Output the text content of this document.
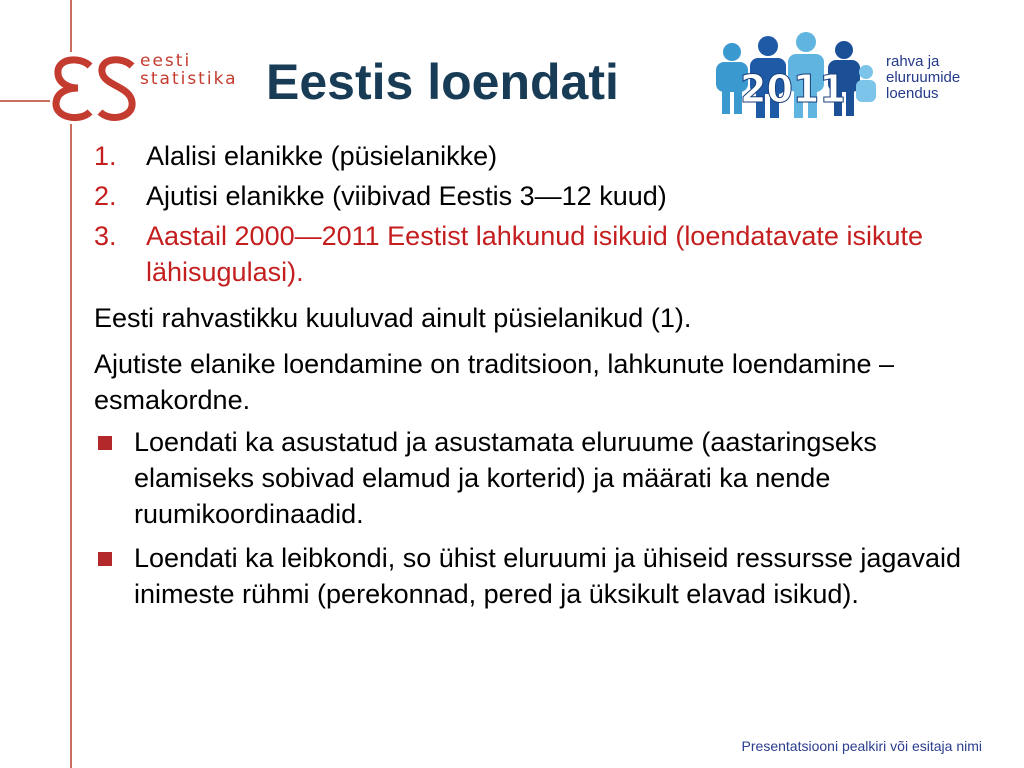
eesti
statistika Eestis loendati	2011
rahva ja
eluruumide
loendus
1. Alalisi elanikke (püsielanikke)
2. Ajutisi elanikke (viibivad Eestis 3—12 kuud)
3. Aastail 2000—2011 Eestist lahkunud isikuid (loendatavate isikute lähisugulasi).
Eesti rahvastikku kuuluvad ainult püsielanikud (1).
Ajutiste elanike loendamine on traditsioon, lahkunute loendamine – esmakordne.
Loendati ka asustatud ja asustamata eluruume (aastaringseks elamiseks sobivad elamud ja korterid) ja määrati ka nende ruumikoordinaadid.
Loendati ka leibkondi, so ühist eluruumi ja ühiseid ressursse jagavaid inimeste rühmi (perekonnad, pered ja üksikult elavad isikud).
Presentatsiooni pealkiri või esitaja nimi
